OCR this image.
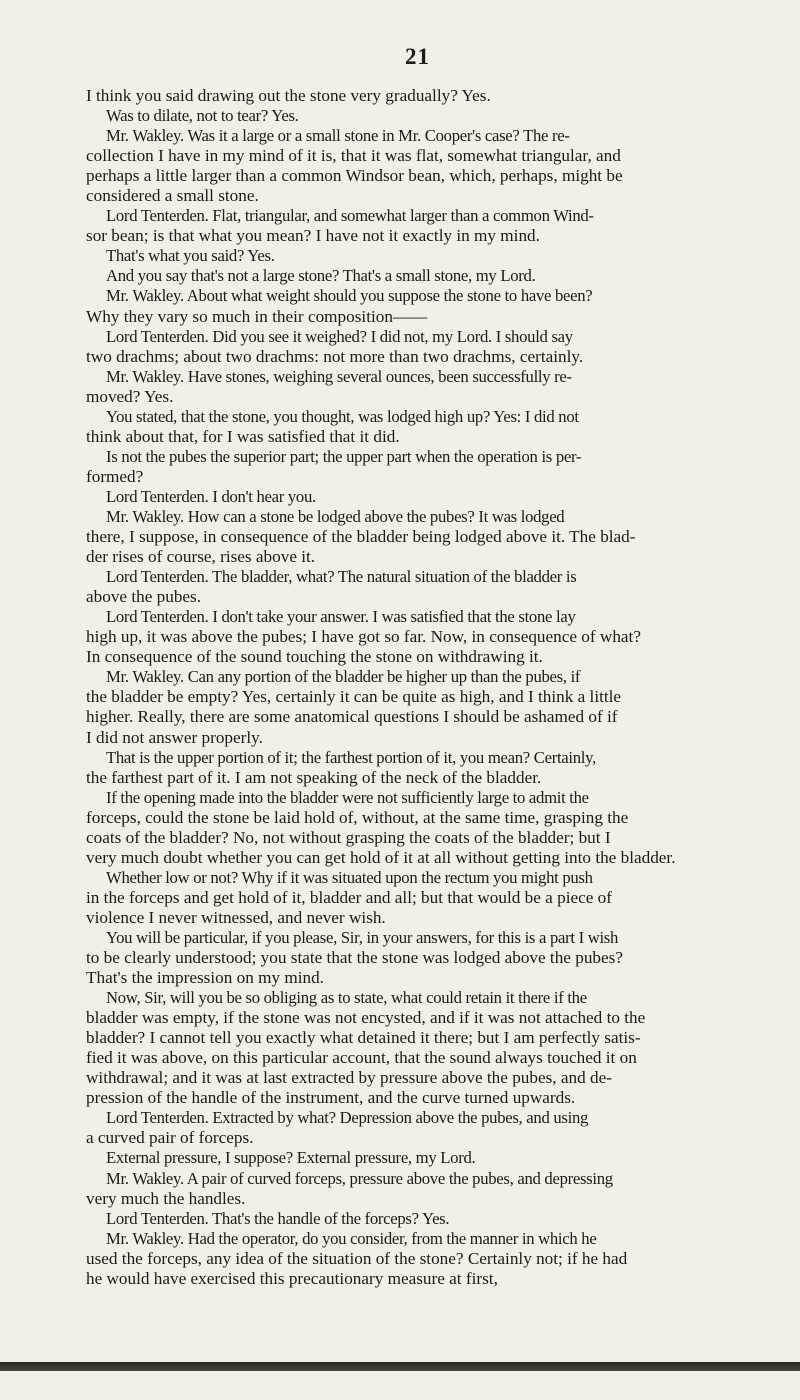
21
I think you said drawing out the stone very gradually? Yes.
Was to dilate, not to tear? Yes.
Mr. Wakley. Was it a large or a small stone in Mr. Cooper's case? The re-
collection I have in my mind of it is, that it was flat, somewhat triangular, and
perhaps a little larger than a common Windsor bean, which, perhaps, might be
considered a small stone.
Lord Tenterden. Flat, triangular, and somewhat larger than a common Wind-
sor bean; is that what you mean? I have not it exactly in my mind.
That's what you said? Yes.
And you say that's not a large stone? That's a small stone, my Lord.
Mr. Wakley. About what weight should you suppose the stone to have been?
Why they vary so much in their composition——
Lord Tenterden. Did you see it weighed? I did not, my Lord. I should say
two drachms; about two drachms: not more than two drachms, certainly.
Mr. Wakley. Have stones, weighing several ounces, been successfully re-
moved? Yes.
You stated, that the stone, you thought, was lodged high up? Yes: I did not
think about that, for I was satisfied that it did.
Is not the pubes the superior part; the upper part when the operation is per-
formed?
Lord Tenterden. I don't hear you.
Mr. Wakley. How can a stone be lodged above the pubes? It was lodged
there, I suppose, in consequence of the bladder being lodged above it. The blad-
der rises of course, rises above it.
Lord Tenterden. The bladder, what? The natural situation of the bladder is
above the pubes.
Lord Tenterden. I don't take your answer. I was satisfied that the stone lay
high up, it was above the pubes; I have got so far. Now, in consequence of what?
In consequence of the sound touching the stone on withdrawing it.
Mr. Wakley. Can any portion of the bladder be higher up than the pubes, if
the bladder be empty? Yes, certainly it can be quite as high, and I think a little
higher. Really, there are some anatomical questions I should be ashamed of if
I did not answer properly.
That is the upper portion of it; the farthest portion of it, you mean? Certainly,
the farthest part of it. I am not speaking of the neck of the bladder.
If the opening made into the bladder were not sufficiently large to admit the
forceps, could the stone be laid hold of, without, at the same time, grasping the
coats of the bladder? No, not without grasping the coats of the bladder; but I
very much doubt whether you can get hold of it at all without getting into the bladder.
Whether low or not? Why if it was situated upon the rectum you might push
in the forceps and get hold of it, bladder and all; but that would be a piece of
violence I never witnessed, and never wish.
You will be particular, if you please, Sir, in your answers, for this is a part I wish
to be clearly understood; you state that the stone was lodged above the pubes?
That's the impression on my mind.
Now, Sir, will you be so obliging as to state, what could retain it there if the
bladder was empty, if the stone was not encysted, and if it was not attached to the
bladder? I cannot tell you exactly what detained it there; but I am perfectly satis-
fied it was above, on this particular account, that the sound always touched it on
withdrawal; and it was at last extracted by pressure above the pubes, and de-
pression of the handle of the instrument, and the curve turned upwards.
Lord Tenterden. Extracted by what? Depression above the pubes, and using
a curved pair of forceps.
External pressure, I suppose? External pressure, my Lord.
Mr. Wakley. A pair of curved forceps, pressure above the pubes, and depressing
very much the handles.
Lord Tenterden. That's the handle of the forceps? Yes.
Mr. Wakley. Had the operator, do you consider, from the manner in which he
used the forceps, any idea of the situation of the stone? Certainly not; if he had
he would have exercised this precautionary measure at first,
